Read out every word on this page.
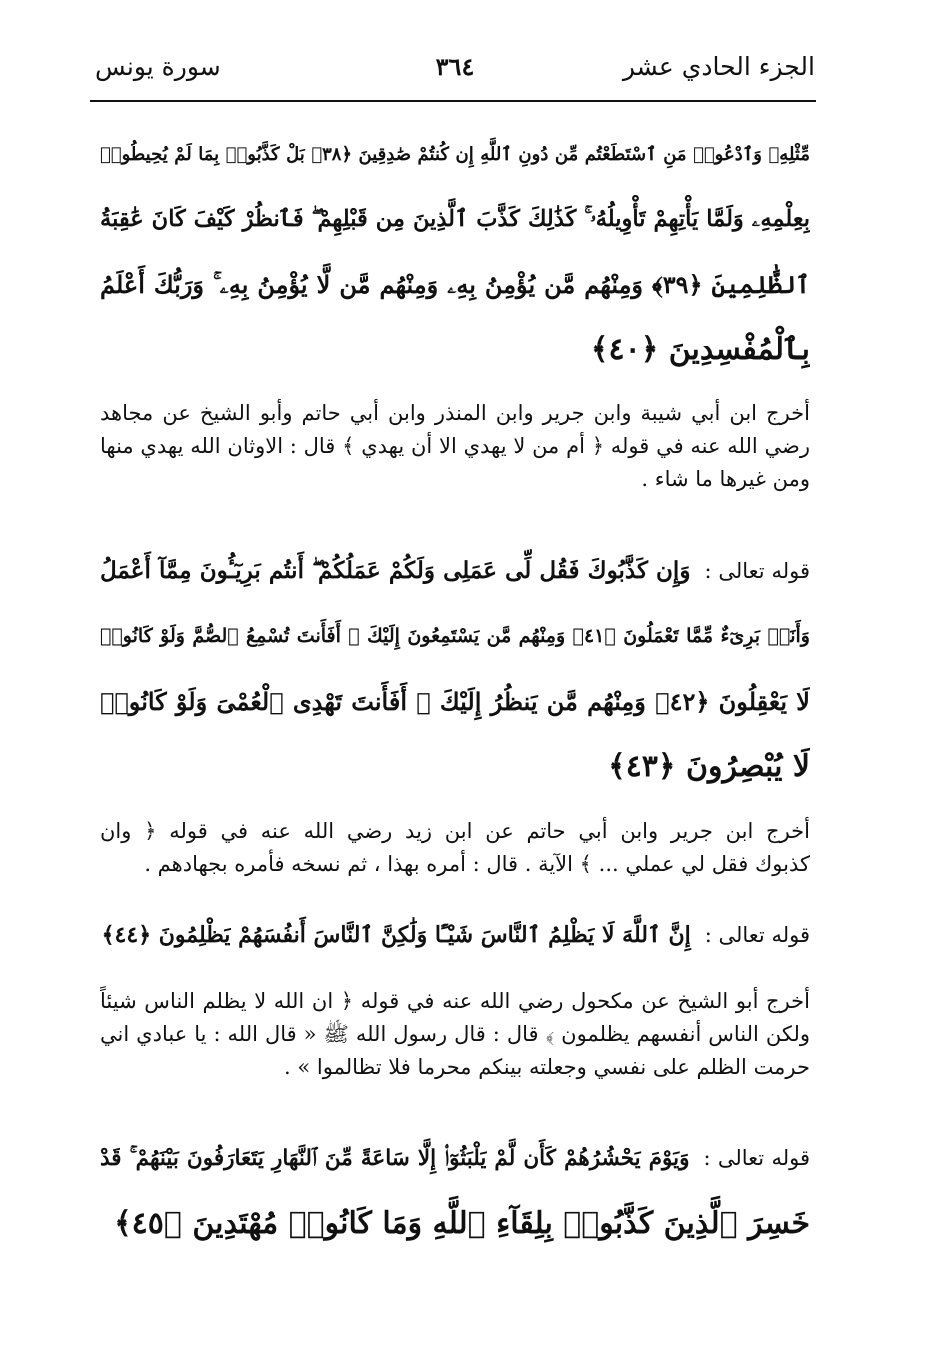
الجزء الحادي عشر
٣٦٤
سورة يونس
مِّثْلِهِۦ وَٱدْعُوا۟ مَنِ ٱسْتَطَعْتُم مِّن دُونِ ٱللَّهِ إِن كُنتُمْ صَٰدِقِينَ ﴿٣٨﴾ بَلْ كَذَّبُوا۟ بِمَا لَمْ يُحِيطُوا۟
بِعِلْمِهِۦ وَلَمَّا يَأْتِهِمْ تَأْوِيلُهُۥ ۚ كَذَٰلِكَ كَذَّبَ ٱلَّذِينَ مِن قَبْلِهِمْ ۖ فَٱنظُرْ كَيْفَ كَانَ عَٰقِبَةُ
ٱلظَّٰلِمِينَ ﴿٣٩﴾ وَمِنْهُم مَّن يُؤْمِنُ بِهِۦ وَمِنْهُم مَّن لَّا يُؤْمِنُ بِهِۦ ۚ وَرَبُّكَ أَعْلَمُ
بِٱلْمُفْسِدِينَ ﴿٤٠﴾
أخرج ابن أبي شيبة وابن جرير وابن المنذر وابن أبي حاتم وأبو الشيخ عن مجاهد
رضي الله عنه في قوله ﴿ أم من لا يهدي الا أن يهدي ﴾ قال : الاوثان الله يهدي منها
ومن غيرها ما شاء .
قوله تعالى :وَإِن كَذَّبُوكَ فَقُل لِّى عَمَلِى وَلَكُمْ عَمَلُكُمْ ۖ أَنتُم بَرِيٓـُٔونَ مِمَّآ أَعْمَلُ
وَأَنَا۠ بَرِىٓءٌ مِّمَّا تَعْمَلُونَ ﴿٤١﴾ وَمِنْهُم مَّن يَسْتَمِعُونَ إِلَيْكَ ۚ أَفَأَنتَ تُسْمِعُ ٱلصُّمَّ وَلَوْ كَانُوا۟
لَا يَعْقِلُونَ ﴿٤٢﴾ وَمِنْهُم مَّن يَنظُرُ إِلَيْكَ ۚ أَفَأَنتَ تَهْدِى ٱلْعُمْىَ وَلَوْ كَانُوا۟
لَا يُبْصِرُونَ ﴿٤٣﴾
أخرج ابن جرير وابن أبي حاتم عن ابن زيد رضي الله عنه في قوله ﴿ وان
كذبوك فقل لي عملي ... ﴾ الآية . قال : أمره بهذا ، ثم نسخه فأمره بجهادهم .
قوله تعالى :إِنَّ ٱللَّهَ لَا يَظْلِمُ ٱلنَّاسَ شَيْـًٔا وَلَٰكِنَّ ٱلنَّاسَ أَنفُسَهُمْ يَظْلِمُونَ ﴿٤٤﴾
أخرج أبو الشيخ عن مكحول رضي الله عنه في قوله ﴿ ان الله لا يظلم الناس شيئاً
ولكن الناس أنفسهم يظلمون ﴾ قال : قال رسول الله ﷺ « قال الله : يا عبادي اني
حرمت الظلم على نفسي وجعلته بينكم محرما فلا تظالموا » .
قوله تعالى :وَيَوْمَ يَحْشُرُهُمْ كَأَن لَّمْ يَلْبَثُوٓا۟ إِلَّا سَاعَةً مِّنَ ٱلنَّهَارِ يَتَعَارَفُونَ بَيْنَهُمْ ۚ قَدْ
خَسِرَ ٱلَّذِينَ كَذَّبُوا۟ بِلِقَآءِ ٱللَّهِ وَمَا كَانُوا۟ مُهْتَدِينَ ﴿٤٥﴾
